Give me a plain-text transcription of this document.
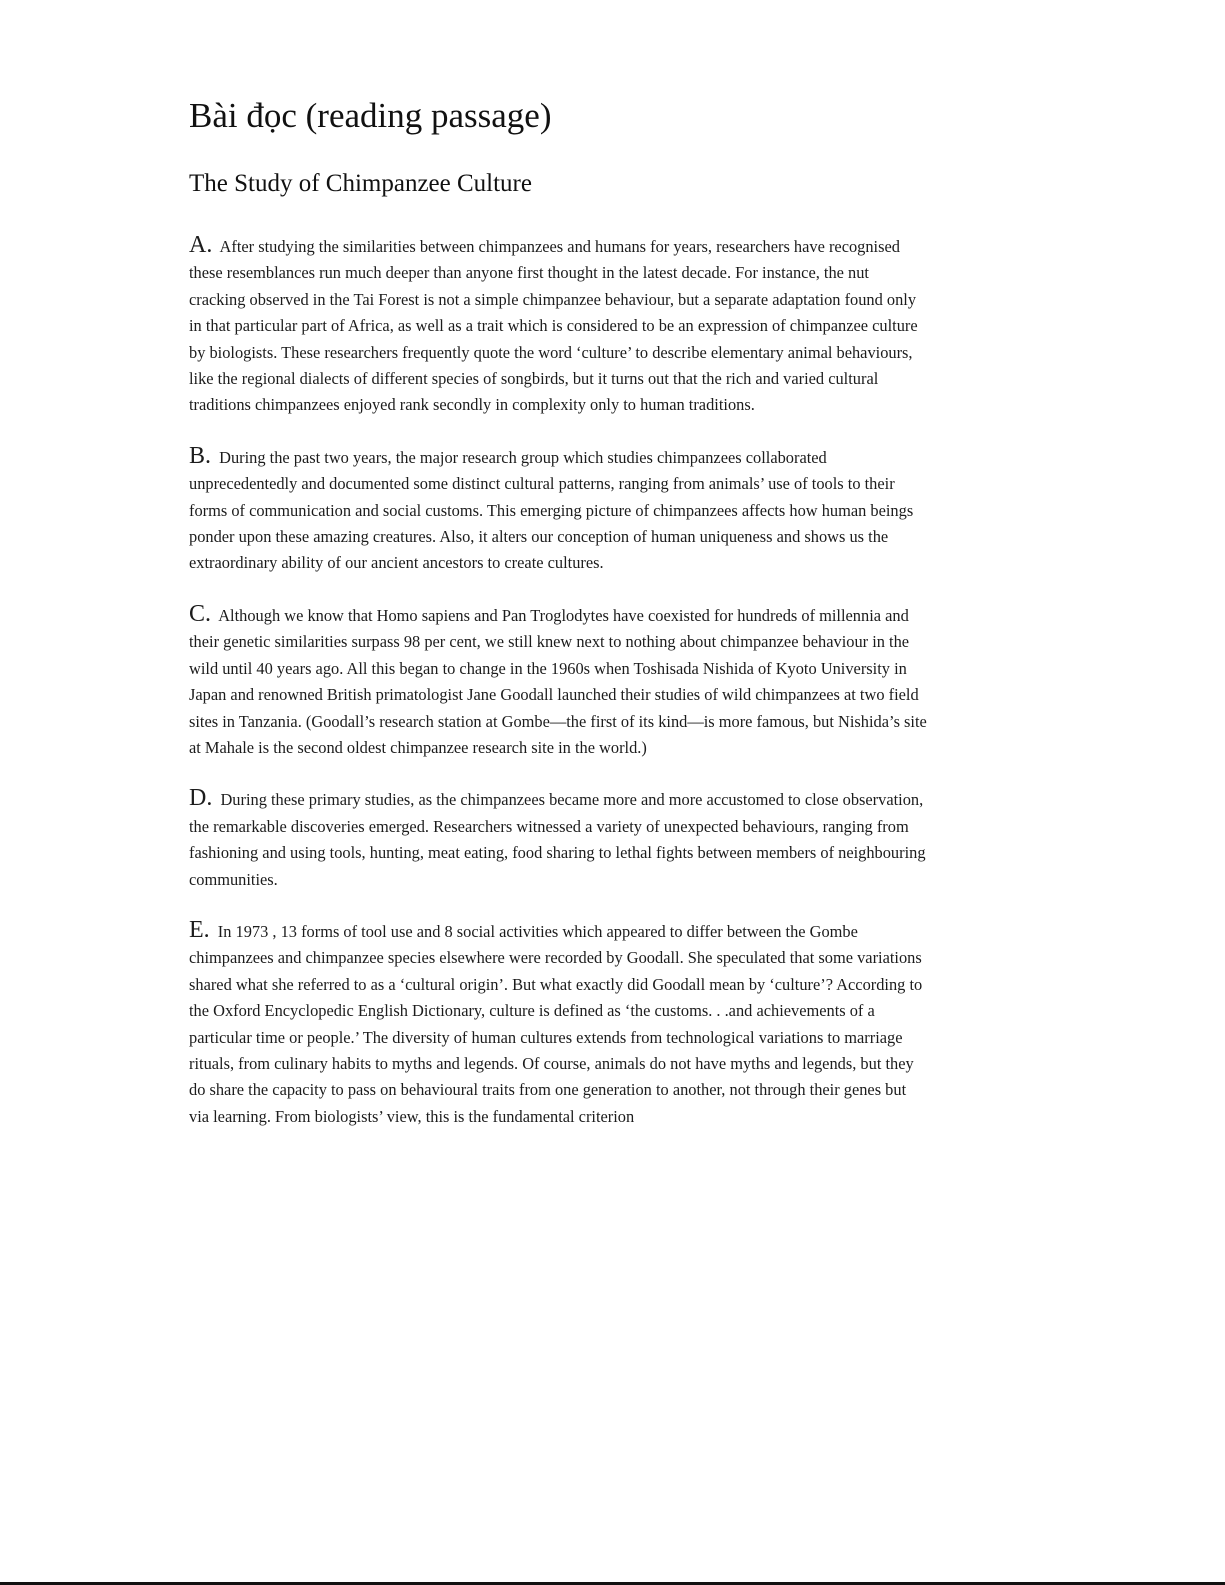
Bài đọc (reading passage)
The Study of Chimpanzee Culture

A. After studying the similarities between chimpanzees and humans for years, researchers have recognised these resemblances run much deeper than anyone first thought in the latest decade. For instance, the nut cracking observed in the Tai Forest is not a simple chimpanzee behaviour, but a separate adaptation found only in that particular part of Africa, as well as a trait which is considered to be an expression of chimpanzee culture by biologists. These researchers frequently quote the word ‘culture’ to describe elementary animal behaviours, like the regional dialects of different species of songbirds, but it turns out that the rich and varied cultural traditions chimpanzees enjoyed rank secondly in complexity only to human traditions.

B. During the past two years, the major research group which studies chimpanzees collaborated unprecedentedly and documented some distinct cultural patterns, ranging from animals’ use of tools to their forms of communication and social customs. This emerging picture of chimpanzees affects how human beings ponder upon these amazing creatures. Also, it alters our conception of human uniqueness and shows us the extraordinary ability of our ancient ancestors to create cultures.

C. Although we know that Homo sapiens and Pan Troglodytes have coexisted for hundreds of millennia and their genetic similarities surpass 98 per cent, we still knew next to nothing about chimpanzee behaviour in the wild until 40 years ago. All this began to change in the 1960s when Toshisada Nishida of Kyoto University in Japan and renowned British primatologist Jane Goodall launched their studies of wild chimpanzees at two field sites in Tanzania. (Goodall’s research station at Gombe—the first of its kind—is more famous, but Nishida’s site at Mahale is the second oldest chimpanzee research site in the world.)

D. During these primary studies, as the chimpanzees became more and more accustomed to close observation, the remarkable discoveries emerged. Researchers witnessed a variety of unexpected behaviours, ranging from fashioning and using tools, hunting, meat eating, food sharing to lethal fights between members of neighbouring communities.

E. In 1973 , 13 forms of tool use and 8 social activities which appeared to differ between the Gombe chimpanzees and chimpanzee species elsewhere were recorded by Goodall. She speculated that some variations shared what she referred to as a ‘cultural origin’. But what exactly did Goodall mean by ‘culture’? According to the Oxford Encyclopedic English Dictionary, culture is defined as ‘the customs. . .and achievements of a particular time or people.’ The diversity of human cultures extends from technological variations to marriage rituals, from culinary habits to myths and legends. Of course, animals do not have myths and legends, but they do share the capacity to pass on behavioural traits from one generation to another, not through their genes but via learning. From biologists’ view, this is the fundamental criterion
